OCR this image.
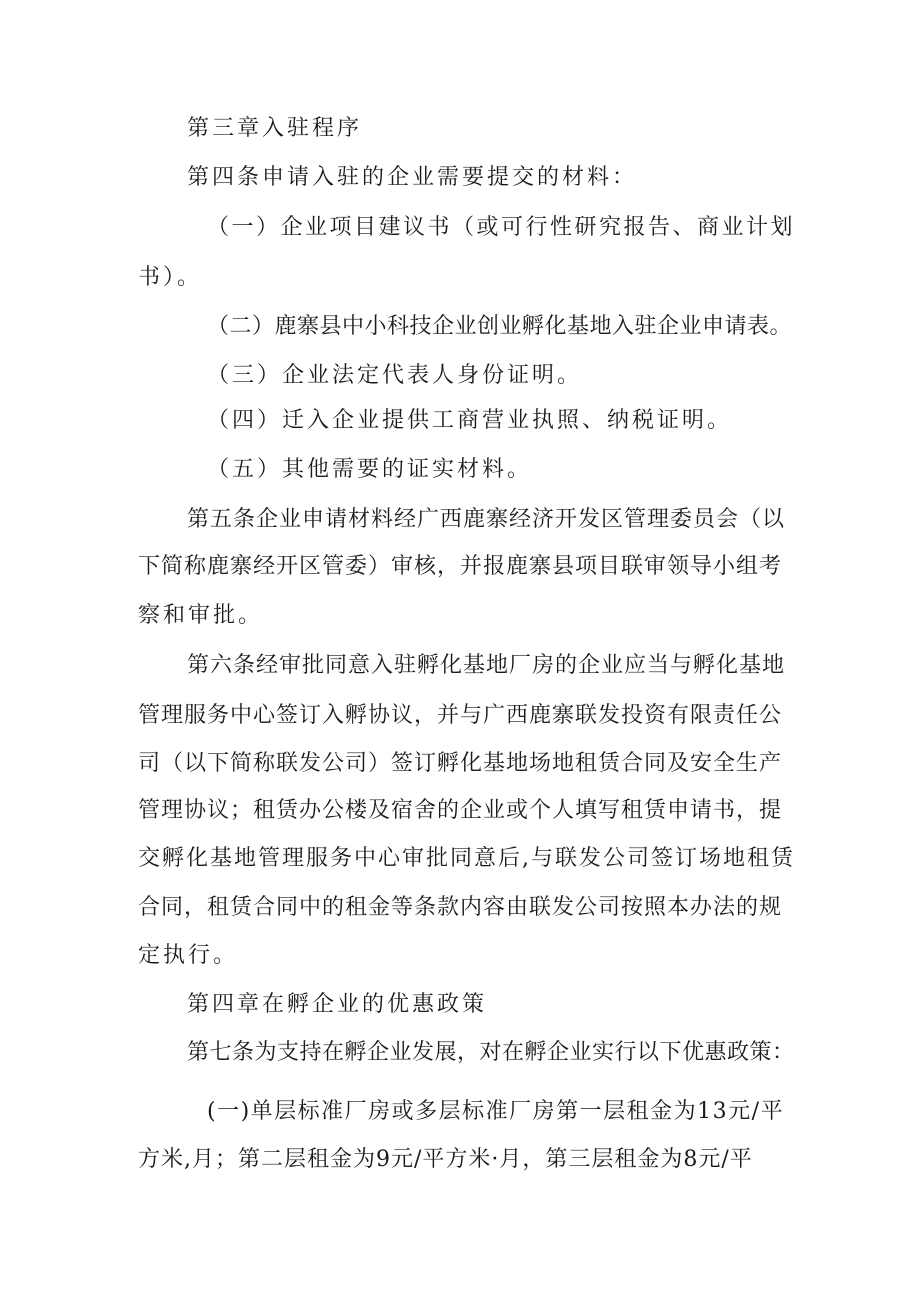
第三章入驻程序
第四条申请入驻的企业需要提交的材料：
（一）企业项目建议书（或可行性研究报告、商业计划
书）。
（二）鹿寨县中小科技企业创业孵化基地入驻企业申请表。
（三）企业法定代表人身份证明。
（四）迁入企业提供工商营业执照、纳税证明。
（五）其他需要的证实材料。
第五条企业申请材料经广西鹿寨经济开发区管理委员会（以
下简称鹿寨经开区管委）审核，并报鹿寨县项目联审领导小组考
察和审批。
第六条经审批同意入驻孵化基地厂房的企业应当与孵化基地
管理服务中心签订入孵协议，并与广西鹿寨联发投资有限责任公
司（以下简称联发公司）签订孵化基地场地租赁合同及安全生产
管理协议；租赁办公楼及宿舍的企业或个人填写租赁申请书，提
交孵化基地管理服务中心审批同意后,与联发公司签订场地租赁
合同，租赁合同中的租金等条款内容由联发公司按照本办法的规
定执行。
第四章在孵企业的优惠政策
第七条为支持在孵企业发展，对在孵企业实行以下优惠政策：
(一)单层标准厂房或多层标准厂房第一层租金为13元/平
方米,月；第二层租金为9元/平方米·月，第三层租金为8元/平
